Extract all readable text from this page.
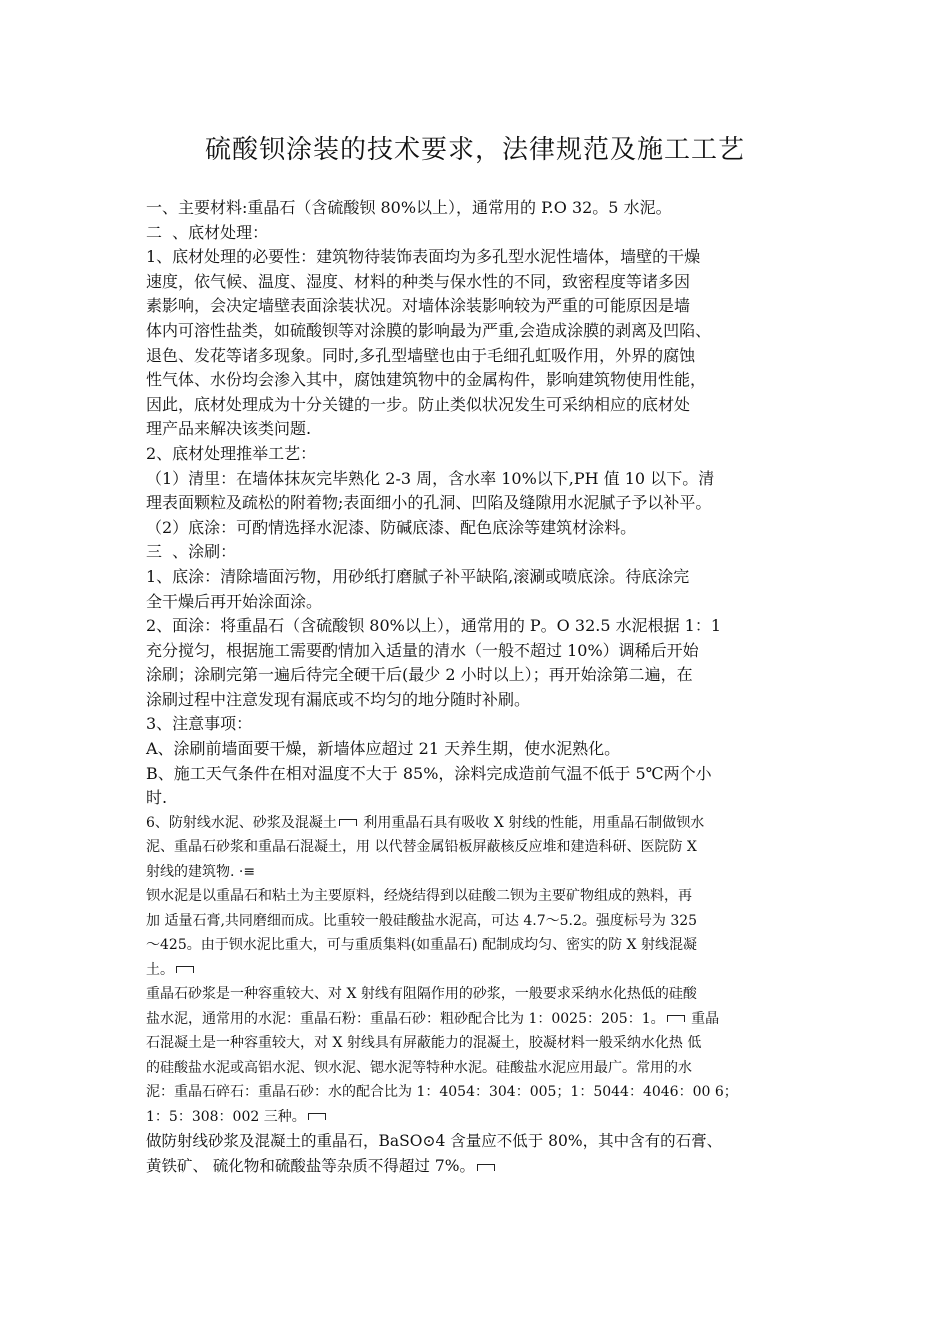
硫酸钡涂装的技术要求，法律规范及施工工艺

一、主要材料:重晶石（含硫酸钡 80%以上），通常用的 P.O 32。5 水泥。

二  、底材处理：

1、底材处理的必要性：建筑物待装饰表面均为多孔型水泥性墙体，墙壁的干燥

速度，依气候、温度、湿度、材料的种类与保水性的不同，致密程度等诸多因

素影响，会决定墙壁表面涂装状况。对墙体涂装影响较为严重的可能原因是墙

体内可溶性盐类，如硫酸钡等对涂膜的影响最为严重,会造成涂膜的剥离及凹陷、

退色、发花等诸多现象。同时,多孔型墙壁也由于毛细孔虹吸作用，外界的腐蚀

性气体、水份均会渗入其中，腐蚀建筑物中的金属构件，影响建筑物使用性能，

因此，底材处理成为十分关键的一步。防止类似状况发生可采纳相应的底材处

理产品来解决该类问题.

2、底材处理推举工艺：

（1）清里：在墙体抹灰完毕熟化 2-3 周，含水率 10%以下,PH 值 10 以下。清

理表面颗粒及疏松的附着物;表面细小的孔洞、凹陷及缝隙用水泥腻子予以补平。

（2）底涂：可酌情选择水泥漆、防碱底漆、配色底涂等建筑材涂料。

三  、涂刷：

1、底涂：清除墙面污物，用砂纸打磨腻子补平缺陷,滚涮或喷底涂。待底涂完

全干燥后再开始涂面涂。

2、面涂：将重晶石（含硫酸钡 80%以上），通常用的 P。O 32.5 水泥根据 1：1

充分搅匀，根据施工需要酌情加入适量的清水（一般不超过 10%）调稀后开始

涂刷；涂刷完第一遍后待完全硬干后(最少 2 小时以上）；再开始涂第二遍，在

涂刷过程中注意发现有漏底或不均匀的地分随时补刷。

3、注意事项：

A、涂刷前墙面要干燥，新墙体应超过 21 天养生期，使水泥熟化。

B、施工天气条件在相对温度不大于 85%，涂料完成造前气温不低于 5℃两个小

时.

6、防射线水泥、砂浆及混凝土 利用重晶石具有吸收 X 射线的性能，用重晶石制做钡水

泥、重晶石砂浆和重晶石混凝土，用 以代替金属铅板屏蔽核反应堆和建造科研、医院防 X

射线的建筑物. ·≡

钡水泥是以重晶石和粘土为主要原料，经烧结得到以硅酸二钡为主要矿物组成的熟料，再

加 适量石膏,共同磨细而成。比重较一般硅酸盐水泥高，可达 4.7～5.2。强度标号为 325

～425。由于钡水泥比重大，可与重质集料(如重晶石) 配制成均匀、密实的防 X 射线混凝

土。

重晶石砂浆是一种容重较大、对 X 射线有阻隔作用的砂浆，一般要求采纳水化热低的硅酸

盐水泥，通常用的水泥：重晶石粉：重晶石砂：粗砂配合比为 1：0025：205：1。 重晶

石混凝土是一种容重较大，对 X 射线具有屏蔽能力的混凝土，胶凝材料一般采纳水化热 低

的硅酸盐水泥或高铝水泥、钡水泥、锶水泥等特种水泥。硅酸盐水泥应用最广。常用的水

泥：重晶石碎石：重晶石砂：水的配合比为 1：4054：304：005；1：5044：4046：00 6；

1：5：308：002 三种。

做防射线砂浆及混凝土的重晶石，BaSO⊙4 含量应不低于 80%，其中含有的石膏、

黄铁矿、 硫化物和硫酸盐等杂质不得超过 7%。
